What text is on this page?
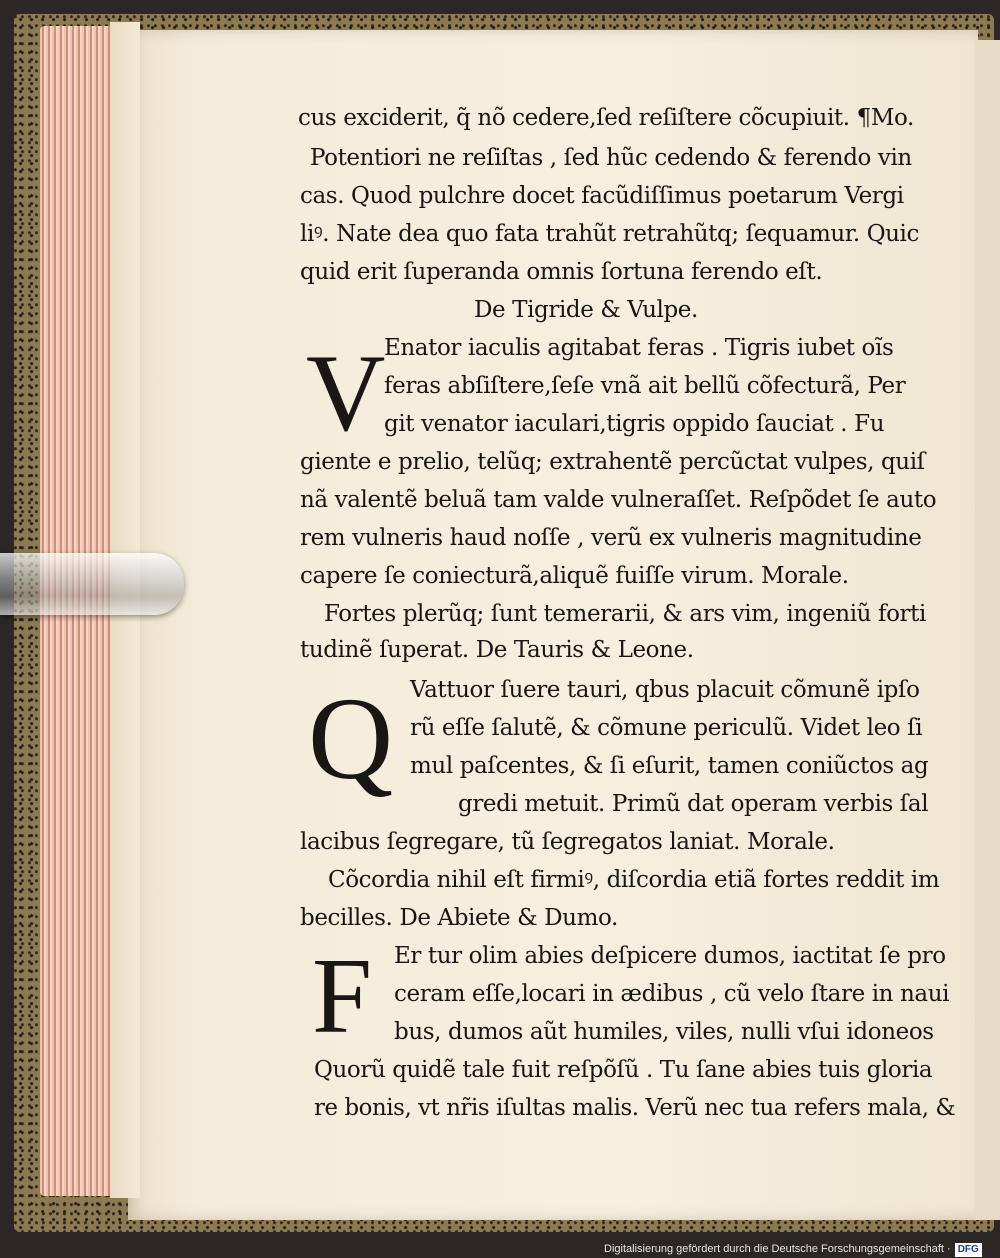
cus exciderit, q̃ nõ cedere,ſed reſiſtere cõcupiuit. ¶Mo.
Potentiori ne reſiſtas , ſed hũc cedendo & ferendo vin
cas. Quod pulchre docet facũdiſſimus poetarum Vergi
liꝰ. Nate dea quo fata trahũt retrahũtq; ſequamur. Quic
quid erit ſuperanda omnis ſortuna ferendo eſt.
De Tigride & Vulpe.
V
Enator iaculis agitabat feras . Tigris iubet oĩs
feras abſiſtere,ſeſe vnã ait bellũ cõfecturã, Per
git venator iaculari,tigris oppido ſauciat . Fu
giente e prelio, telũq; extrahentẽ percũctat vulpes, quiſ
nã valentẽ beluã tam valde vulneraſſet. Reſpõdet ſe auto
rem vulneris haud noſſe , verũ ex vulneris magnitudine
capere ſe coniecturã,aliquẽ fuiſſe virum. Morale.
Fortes plerũq; ſunt temerarii, & ars vim, ingeniũ forti
tudinẽ ſuperat. De Tauris & Leone.
Q Vattuor ſuere tauri, qbus placuit cõmunẽ ipſo
rũ eſſe ſalutẽ, & cõmune periculũ. Videt leo ſi
mul paſcentes, & ſi eſurit, tamen coniũctos ag
gredi metuit. Primũ dat operam verbis ſal
lacibus ſegregare, tũ ſegregatos laniat. Morale.
Cõcordia nihil eſt firmiꝰ, diſcordia etiã fortes reddit im
becilles. De Abiete & Dumo.
F Er tur olim abies deſpicere dumos, iactitat ſe pro
ceram eſſe,locari in ædibus , cũ velo ſtare in naui
bus, dumos aũt humiles, viles, nulli vſui idoneos
Quorũ quidẽ tale fuit reſpõſũ . Tu ſane abies tuis gloria
re bonis, vt nr̃is iſultas malis. Verũ nec tua refers mala, &
Digitalisierung gefördert durch die Deutsche Forschungsgemeinschaft · DFG
